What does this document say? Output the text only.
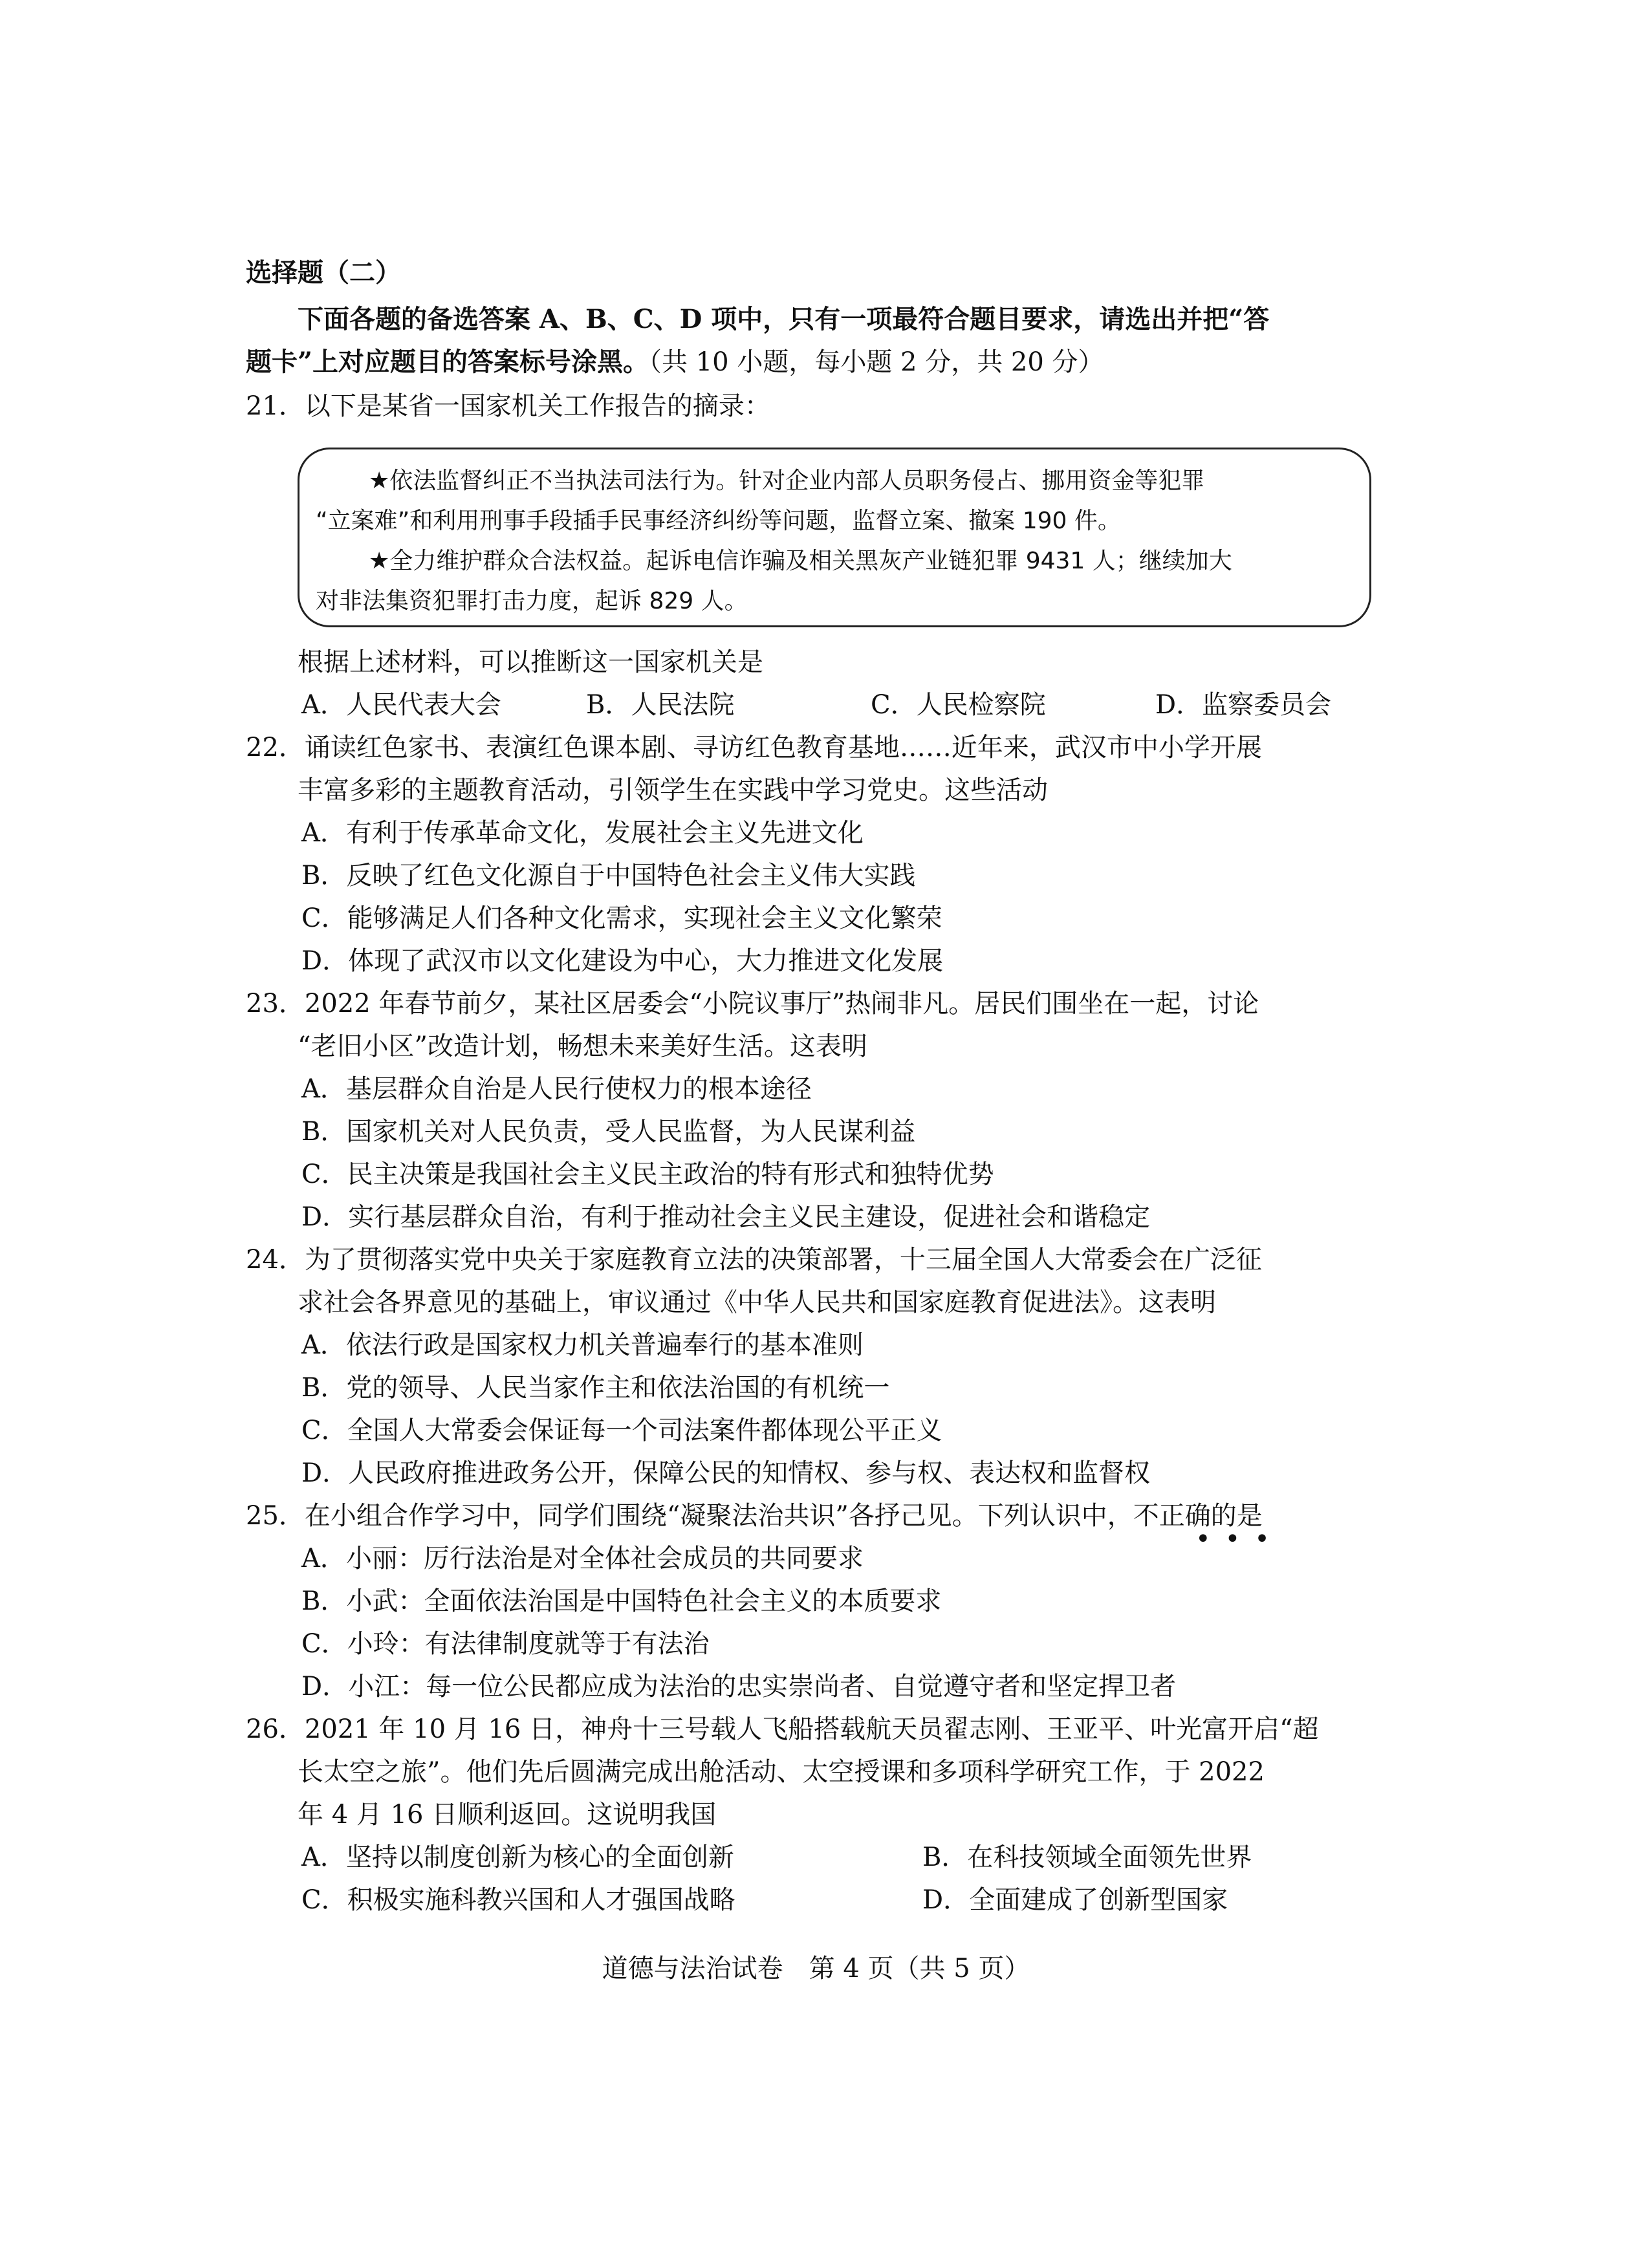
选择题（二）
下面各题的备选答案 A、B、C、D 项中，只有一项最符合题目要求，请选出并把“答
题卡”上对应题目的答案标号涂黑。（共 10 小题，每小题 2 分，共 20 分）
21．以下是某省一国家机关工作报告的摘录：
★依法监督纠正不当执法司法行为。针对企业内部人员职务侵占、挪用资金等犯罪
“立案难”和利用刑事手段插手民事经济纠纷等问题，监督立案、撤案 190 件。
★全力维护群众合法权益。起诉电信诈骗及相关黑灰产业链犯罪 9431 人；继续加大
对非法集资犯罪打击力度，起诉 829 人。
根据上述材料，可以推断这一国家机关是
A．人民代表大会	B．人民法院	C．人民检察院	D．监察委员会
22．诵读红色家书、表演红色课本剧、寻访红色教育基地……近年来，武汉市中小学开展
丰富多彩的主题教育活动，引领学生在实践中学习党史。这些活动
A．有利于传承革命文化，发展社会主义先进文化
B．反映了红色文化源自于中国特色社会主义伟大实践
C．能够满足人们各种文化需求，实现社会主义文化繁荣
D．体现了武汉市以文化建设为中心，大力推进文化发展
23．2022 年春节前夕，某社区居委会“小院议事厅”热闹非凡。居民们围坐在一起，讨论
“老旧小区”改造计划，畅想未来美好生活。这表明
A．基层群众自治是人民行使权力的根本途径
B．国家机关对人民负责，受人民监督，为人民谋利益
C．民主决策是我国社会主义民主政治的特有形式和独特优势
D．实行基层群众自治，有利于推动社会主义民主建设，促进社会和谐稳定
24．为了贯彻落实党中央关于家庭教育立法的决策部署，十三届全国人大常委会在广泛征
求社会各界意见的基础上，审议通过《中华人民共和国家庭教育促进法》。这表明
A．依法行政是国家权力机关普遍奉行的基本准则
B．党的领导、人民当家作主和依法治国的有机统一
C．全国人大常委会保证每一个司法案件都体现公平正义
D．人民政府推进政务公开，保障公民的知情权、参与权、表达权和监督权
25．在小组合作学习中，同学们围绕“凝聚法治共识”各抒己见。下列认识中，不正确的是
•••
A．小丽：厉行法治是对全体社会成员的共同要求
B．小武：全面依法治国是中国特色社会主义的本质要求
C．小玲：有法律制度就等于有法治
D．小江：每一位公民都应成为法治的忠实崇尚者、自觉遵守者和坚定捍卫者
26．2021 年 10 月 16 日，神舟十三号载人飞船搭载航天员翟志刚、王亚平、叶光富开启“超
长太空之旅”。他们先后圆满完成出舱活动、太空授课和多项科学研究工作，于 2022
年 4 月 16 日顺利返回。这说明我国
A．坚持以制度创新为核心的全面创新	B．在科技领域全面领先世界
C．积极实施科教兴国和人才强国战略	D．全面建成了创新型国家
道德与法治试卷　第 4 页（共 5 页）
